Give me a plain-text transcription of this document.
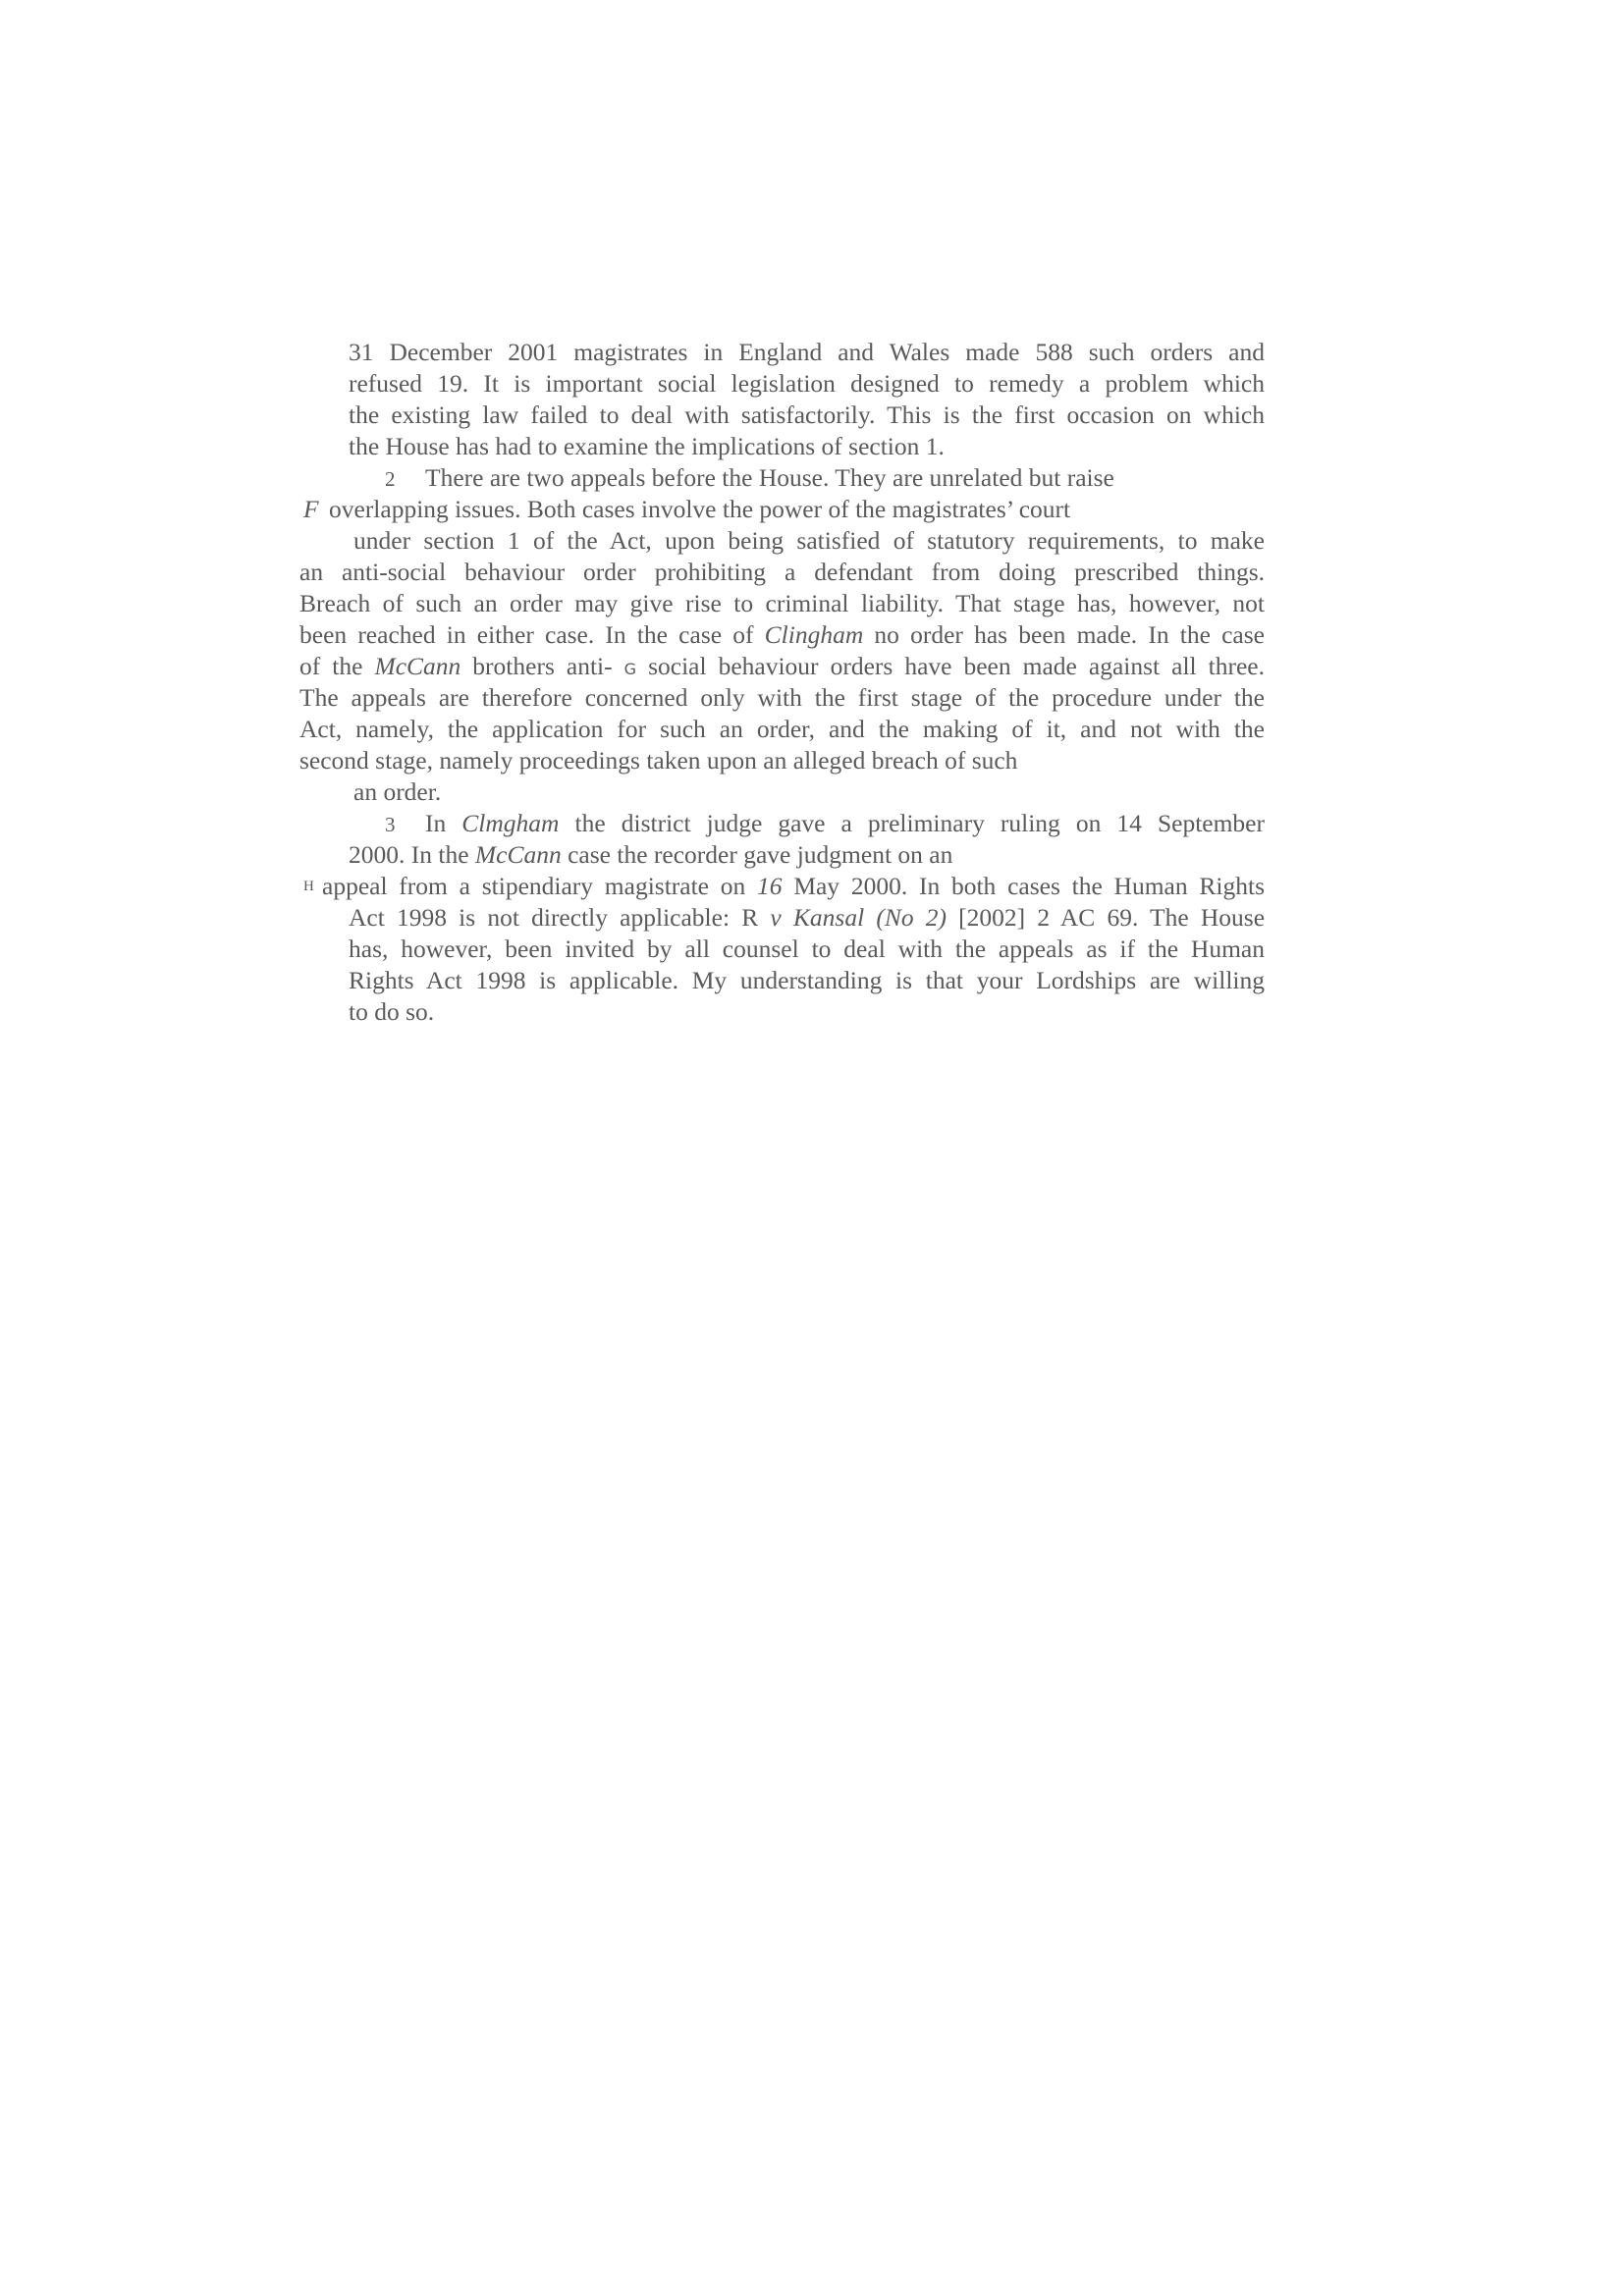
31 December 2001 magistrates in England and Wales made 588 such orders and
refused 19. It is important social legislation designed to remedy a problem which
the existing law failed to deal with satisfactorily. This is the first occasion on which
the House has had to examine the implications of section 1.
2 There are two appeals before the House. They are unrelated but raise
F overlapping issues. Both cases involve the power of the magistrates’ court
under section 1 of the Act, upon being satisfied of statutory requirements, to make
an anti-social behaviour order prohibiting a defendant from doing prescribed things.
Breach of such an order may give rise to criminal liability. That stage has, however, not
been reached in either case. In the case of Clingham no order has been made. In the case
of the McCann brothers anti- G social behaviour orders have been made against all three.
The appeals are therefore concerned only with the first stage of the procedure under the
Act, namely, the application for such an order, and the making of it, and not with the
second stage, namely proceedings taken upon an alleged breach of such
an order.
3 In Clmgham the district judge gave a preliminary ruling on 14 September
2000. In the McCann case the recorder gave judgment on an
$^H$ appeal from a stipendiary magistrate on 16 May 2000. In both cases the Human Rights
Act 1998 is not directly applicable: R v Kansal (No 2) [2002] 2 AC 69. The House
has, however, been invited by all counsel to deal with the appeals as if the Human
Rights Act 1998 is applicable. My understanding is that your Lordships are willing
to do so.
